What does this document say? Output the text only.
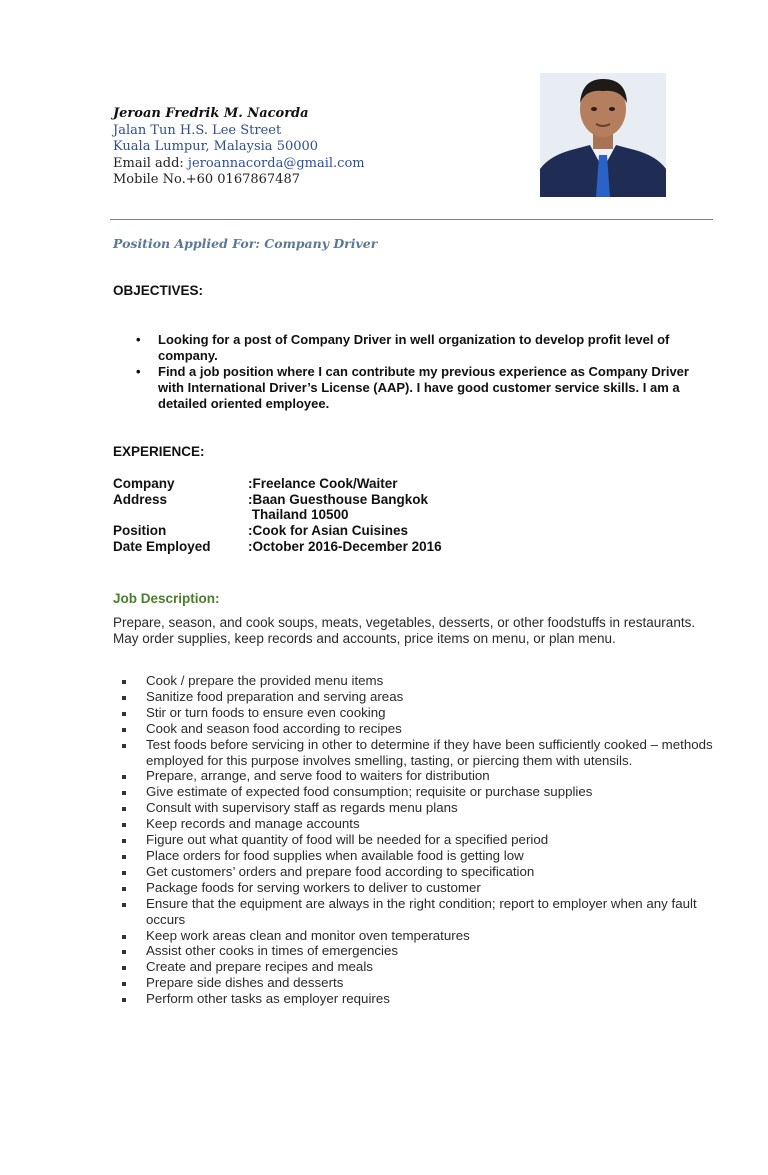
Jeroan Fredrik M. Nacorda
Jalan Tun H.S. Lee Street
Kuala Lumpur, Malaysia 50000
Email add: jeroannacorda@gmail.com
Mobile No.+60 0167867487
Position Applied For: Company Driver
OBJECTIVES:
• Looking for a post of Company Driver in well organization to develop profit level of company.
• Find a job position where I can contribute my previous experience as Company Driver with International Driver’s License (AAP). I have good customer service skills. I am a detailed oriented employee.
EXPERIENCE:
Company	:Freelance Cook/Waiter
Address	:Baan Guesthouse Bangkok
Thailand 10500
Position	:Cook for Asian Cuisines
Date Employed	:October 2016-December 2016
Job Description:
Prepare, season, and cook soups, meats, vegetables, desserts, or other foodstuffs in restaurants. May order supplies, keep records and accounts, price items on menu, or plan menu.
Cook / prepare the provided menu items
Sanitize food preparation and serving areas
Stir or turn foods to ensure even cooking
Cook and season food according to recipes
Test foods before servicing in other to determine if they have been sufficiently cooked – methods employed for this purpose involves smelling, tasting, or piercing them with utensils.
Prepare, arrange, and serve food to waiters for distribution
Give estimate of expected food consumption; requisite or purchase supplies
Consult with supervisory staff as regards menu plans
Keep records and manage accounts
Figure out what quantity of food will be needed for a specified period
Place orders for food supplies when available food is getting low
Get customers’ orders and prepare food according to specification
Package foods for serving workers to deliver to customer
Ensure that the equipment are always in the right condition; report to employer when any fault occurs
Keep work areas clean and monitor oven temperatures
Assist other cooks in times of emergencies
Create and prepare recipes and meals
Prepare side dishes and desserts
Perform other tasks as employer requires
